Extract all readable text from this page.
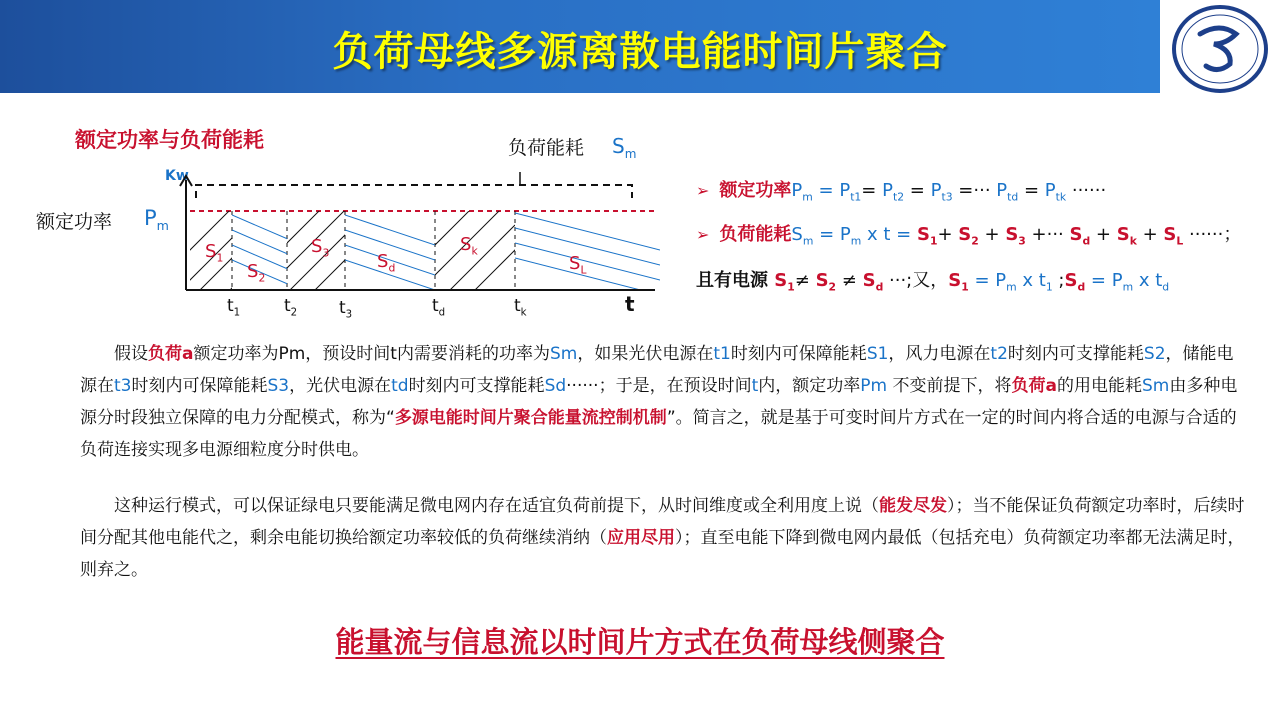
负荷母线多源离散电能时间片聚合
额定功率与负荷能耗	负荷能耗 $S_m$
Kw
额定功率 $P_m$
$S_1$
$S_2$
$S_3$	$S_d$
$S_k$
$S_L$
$t_1$	$t_2$ $t_3$	$t_d$	$t_k$	t
➢ 额定功率$P_m = P_{t1}= P_{t2} = P_{t3}$ =··· $P_{td} = P_{tk}$ ······
➢ 负荷能耗$S_m = P_m$ x $t = S_1+ S_2 + S_3$ +··· $S_d + S_k + S_L$ ······；
且有电源 $S_1\ne S_2 \ne S_d$ ···;又，$S_1 = P_m$ x $t_1$ $;S_d = P_m$ x $t_d$
假设负荷a额定功率为Pm，预设时间t内需要消耗的功率为Sm，如果光伏电源在t1时刻内可保障能耗S1，风力电源在t2时刻内可支撑能耗S2，储能电源在t3时刻内可保障能耗S3，光伏电源在td时刻内可支撑能耗Sd······；于是，在预设时间t内，额定功率Pm 不变前提下，将负荷a的用电能耗Sm由多种电源分时段独立保障的电力分配模式，称为“多源电能时间片聚合能量流控制机制”。简言之，就是基于可变时间片方式在一定的时间内将合适的电源与合适的负荷连接实现多电源细粒度分时供电。
这种运行模式，可以保证绿电只要能满足微电网内存在适宜负荷前提下，从时间维度或全利用度上说（能发尽发）；当不能保证负荷额定功率时，后续时间分配其他电能代之，剩余电能切换给额定功率较低的负荷继续消纳（应用尽用）；直至电能下降到微电网内最低（包括充电）负荷额定功率都无法满足时，则弃之。
能量流与信息流以时间片方式在负荷母线侧聚合
